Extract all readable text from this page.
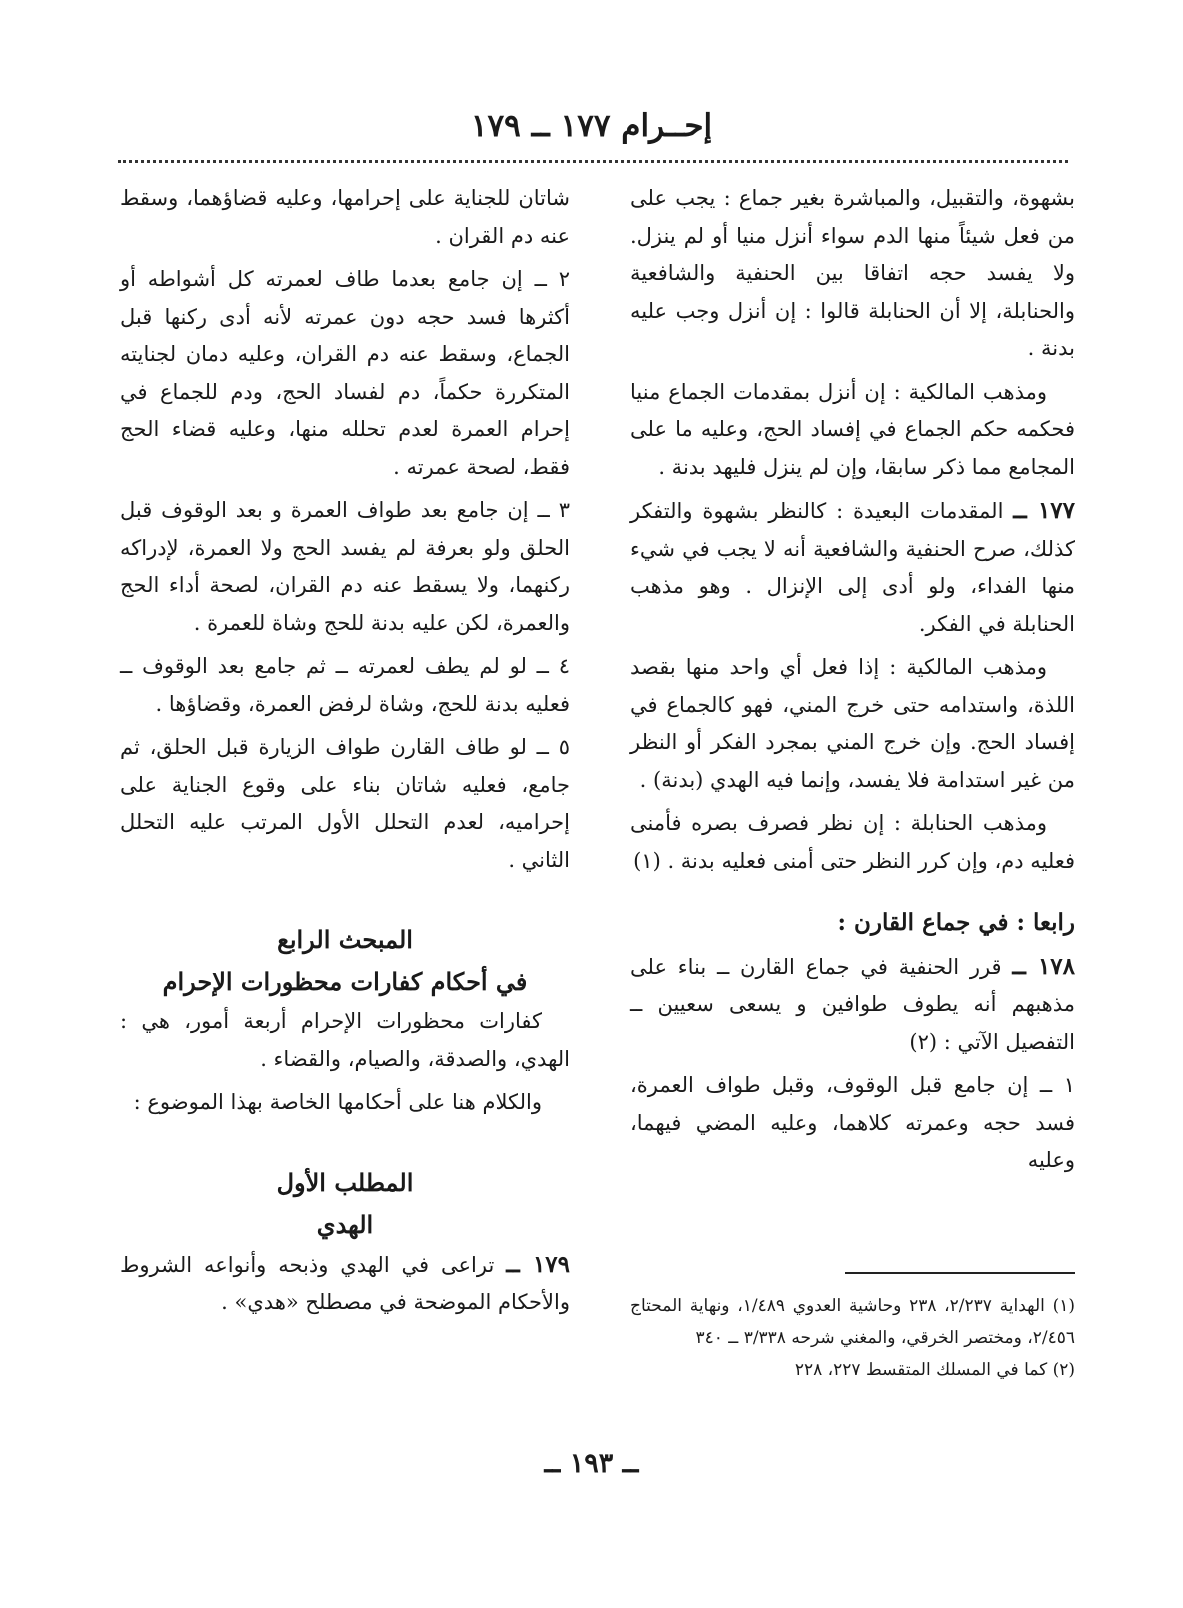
إحــرام ١٧٧ ــ ١٧٩

بشهوة، والتقبيل، والمباشرة بغير جماع : يجب على من فعل شيئاً منها الدم سواء أنزل منيا أو لم ينزل. ولا يفسد حجه اتفاقا بين الحنفية والشافعية والحنابلة، إلا أن الحنابلة قالوا : إن أنزل وجب عليه بدنة .

ومذهب المالكية : إن أنزل بمقدمات الجماع منيا فحكمه حكم الجماع في إفساد الحج، وعليه ما على المجامع مما ذكر سابقا، وإن لم ينزل فليهد بدنة .

١٧٧ ــ المقدمات البعيدة : كالنظر بشهوة والتفكر كذلك، صرح الحنفية والشافعية أنه لا يجب في شيء منها الفداء، ولو أدى إلى الإنزال . وهو مذهب الحنابلة في الفكر.

ومذهب المالكية : إذا فعل أي واحد منها بقصد اللذة، واستدامه حتى خرج المني، فهو كالجماع في إفساد الحج. وإن خرج المني بمجرد الفكر أو النظر من غير استدامة فلا يفسد، وإنما فيه الهدي (بدنة) .

ومذهب الحنابلة : إن نظر فصرف بصره فأمنى فعليه دم، وإن كرر النظر حتى أمنى فعليه بدنة . (١)

رابعا : في جماع القارن :

١٧٨ ــ قرر الحنفية في جماع القارن ــ بناء على مذهبهم أنه يطوف طوافين و يسعى سعيين ــ التفصيل الآتي : (٢)

١ ــ إن جامع قبل الوقوف، وقبل طواف العمرة، فسد حجه وعمرته كلاهما، وعليه المضي فيهما، وعليه

شاتان للجناية على إحرامها، وعليه قضاؤهما، وسقط عنه دم القران .

٢ ــ إن جامع بعدما طاف لعمرته كل أشواطه أو أكثرها فسد حجه دون عمرته لأنه أدى ركنها قبل الجماع، وسقط عنه دم القران، وعليه دمان لجنايته المتكررة حكماً، دم لفساد الحج، ودم للجماع في إحرام العمرة لعدم تحلله منها، وعليه قضاء الحج فقط، لصحة عمرته .

٣ ــ إن جامع بعد طواف العمرة و بعد الوقوف قبل الحلق ولو بعرفة لم يفسد الحج ولا العمرة، لإدراكه ركنهما، ولا يسقط عنه دم القران، لصحة أداء الحج والعمرة، لكن عليه بدنة للحج وشاة للعمرة .

٤ ــ لو لم يطف لعمرته ــ ثم جامع بعد الوقوف ــ فعليه بدنة للحج، وشاة لرفض العمرة، وقضاؤها .

٥ ــ لو طاف القارن طواف الزيارة قبل الحلق، ثم جامع، فعليه شاتان بناء على وقوع الجناية على إحراميه، لعدم التحلل الأول المرتب عليه التحلل الثاني .

المبحث الرابع

في أحكام كفارات محظورات الإحرام

كفارات محظورات الإحرام أربعة أمور، هي : الهدي، والصدقة، والصيام، والقضاء .

والكلام هنا على أحكامها الخاصة بهذا الموضوع :

المطلب الأول

الهدي

١٧٩ ــ تراعى في الهدي وذبحه وأنواعه الشروط والأحكام الموضحة في مصطلح «هدي» .	(١) الهداية ٢/٢٣٧، ٢٣٨ وحاشية العدوي ١/٤٨٩، ونهاية المحتاج ٢/٤٥٦، ومختصر الخرقي، والمغني شرحه ٣/٣٣٨ ــ ٣٤٠

(٢) كما في المسلك المتقسط ٢٢٧، ٢٢٨

ــ ١٩٣ ــ
